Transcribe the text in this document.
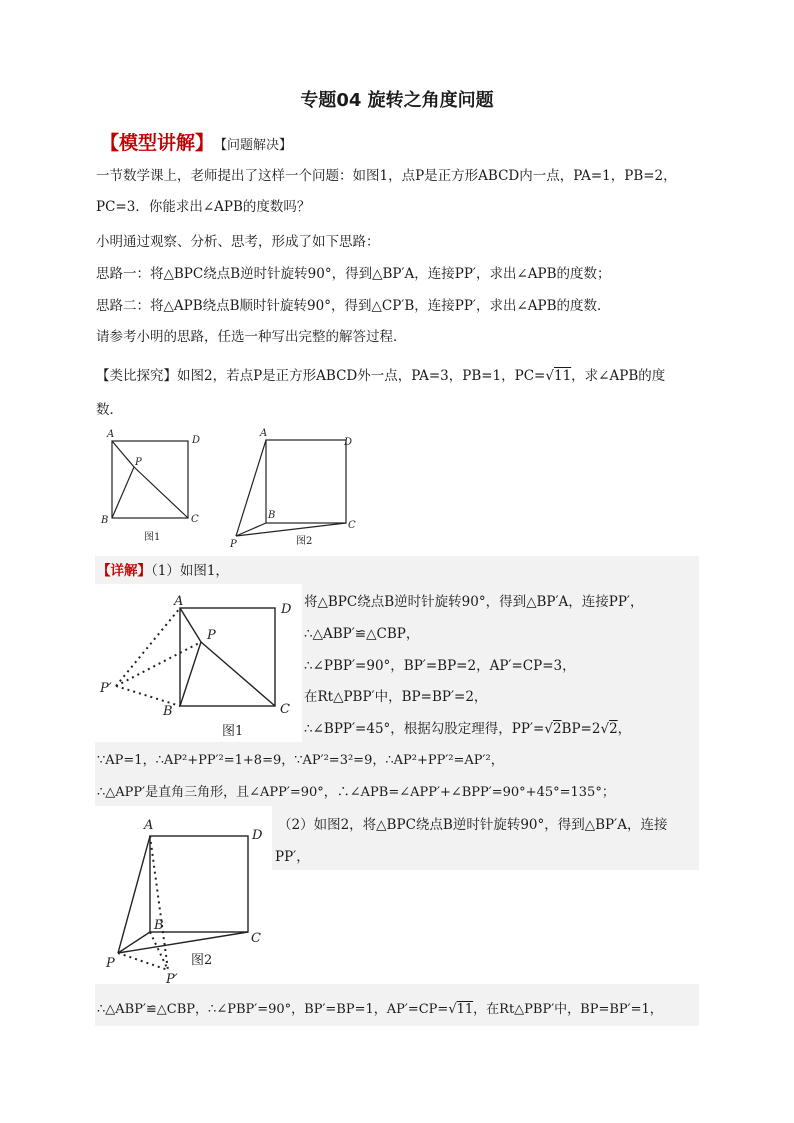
专题04 旋转之角度问题
【模型讲解】 【问题解决】
一节数学课上，老师提出了这样一个问题：如图1，点P是正方形ABCD内一点，PA=1，PB=2，
PC=3．你能求出∠APB的度数吗？
小明通过观察、分析、思考，形成了如下思路：
思路一：将△BPC绕点B逆时针旋转90°，得到△BP′A，连接PP′，求出∠APB的度数；
思路二：将△APB绕点B顺时针旋转90°，得到△CP′B，连接PP′，求出∠APB的度数．
请参考小明的思路，任选一种写出完整的解答过程．
【类比探究】如图2，若点P是正方形ABCD外一点，PA=3，PB=1，PC=√11，求∠APB的度
数．
A
D
P
B	C
A
D
B
C
P
图1	图2
【详解】（1）如图1，
A
D
P
P′
B	C
图1
将△BPC绕点B逆时针旋转90°，得到△BP′A，连接PP′，
∴△ABP′≌△CBP，
∴∠PBP′=90°，BP′=BP=2，AP′=CP=3，
在Rt△PBP′中，BP=BP′=2，
∴∠BPP′=45°，根据勾股定理得，PP′=√2BP=2√2，
∵AP=1，∴AP²+PP′²=1+8=9，∵AP′²=3²=9，∴AP²+PP′²=AP′²，
∴△APP′是直角三角形，且∠APP′=90°，∴∠APB=∠APP′+∠BPP′=90°+45°=135°；
A
D
B
C
P
P′
图2
（2）如图2，将△BPC绕点B逆时针旋转90°，得到△BP′A，连接
PP′，
∴△ABP′≌△CBP，∴∠PBP′=90°，BP′=BP=1，AP′=CP=√11，在Rt△PBP′中，BP=BP′=1，
